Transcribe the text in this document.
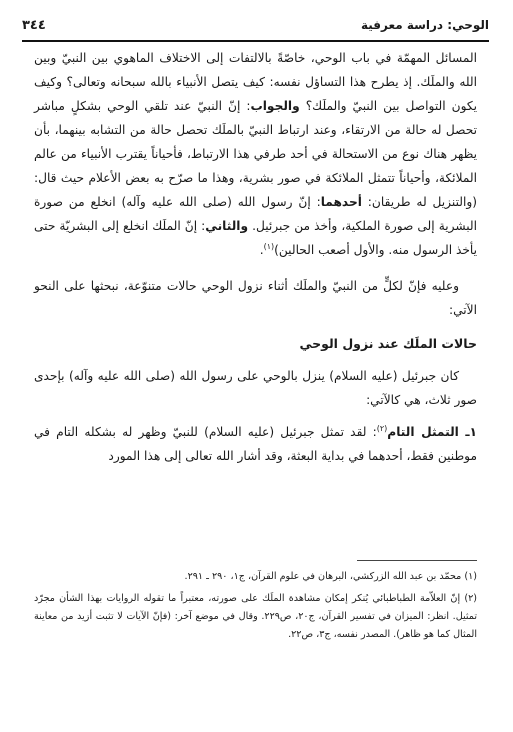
الوحي: دراسة معرفية
٣٤٤

المسائل المهمّة في باب الوحي، خاصّةً بالالتفات إلى الاختلاف الماهوي بين النبيّ وبين الله والملَك. إذ يطرح هذا التساؤل نفسه: كيف يتصل الأنبياء بالله سبحانه وتعالى؟ وكيف يكون التواصل بين النبيّ والملَك؟ والجواب: إنّ النبيّ عند تلقي الوحي بشكلٍ مباشر تحصل له حالة من الارتقاء، وعند ارتباط النبيّ بالملَك تحصل حالة من التشابه بينهما، بأن يظهر هناك نوع من الاستحالة في أحد طرفي هذا الارتباط، فأحياناً يقترب الأنبياء من عالم الملائكة، وأحياناً تتمثل الملائكة في صور بشرية، وهذا ما صرّح به بعض الأعلام حيث قال: (والتنزيل له طريقان: أحدهما: إنّ رسول الله (صلى الله عليه وآله) انخلع من صورة البشرية إلى صورة الملكية، وأخذ من جبرئيل. والثاني: إنّ الملَك انخلع إلى البشريّة حتى يأخذ الرسول منه. والأول أصعب الحالين)$^{(١)}$.

وعليه فإنّ لكلٍّ من النبيّ والملَك أثناء نزول الوحي حالات متنوّعة، نبحثها على النحو الآتي:

حالات الملَك عند نزول الوحي

كان جبرئيل (عليه السلام) ينزل بالوحي على رسول الله (صلى الله عليه وآله) بإحدى صور ثلاث، هي كالآتي:

١ـ التمثل التام$^{(٢)}$: لقد تمثل جبرئيل (عليه السلام) للنبيّ وظهر له بشكله التام في موطنين فقط، أحدهما في بداية البعثة، وقد أشار الله تعالى إلى هذا المورد

(١) محمّد بن عبد الله الزركشي، البرهان في علوم القرآن، ج١، ٢٩٠ ـ ٢٩١.

(٢) إنّ العلاّمة الطباطبائي يُنكر إمكان مشاهدة الملَك على صورته، معتبراً ما تقوله الروايات بهذا الشأن مجرّد تمثيل. انظر: الميزان في تفسير القرآن، ج٢٠، ص٢٢٩. وقال في موضع آخر: (فإنّ الآيات لا تثبت أزيد من معاينة المثال كما هو ظاهر). المصدر نفسه، ج٣، ص٢٢.
